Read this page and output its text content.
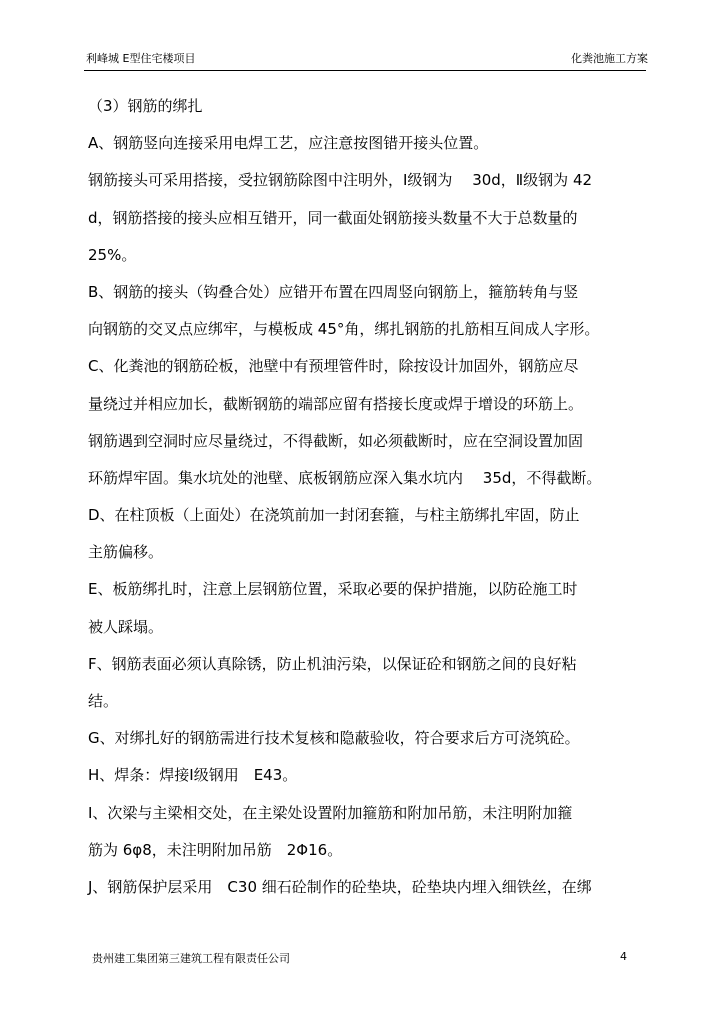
利峰城 E型住宅楼项目	化粪池施工方案
（3）钢筋的绑扎
A、钢筋竖向连接采用电焊工艺，应注意按图错开接头位置。
钢筋接头可采用搭接，受拉钢筋除图中注明外，Ⅰ级钢为　 30d，Ⅱ级钢为 42
d，钢筋搭接的接头应相互错开，同一截面处钢筋接头数量不大于总数量的
25%。
B、钢筋的接头（钩叠合处）应错开布置在四周竖向钢筋上，箍筋转角与竖
向钢筋的交叉点应绑牢，与模板成 45°角，绑扎钢筋的扎筋相互间成人字形。
C、化粪池的钢筋砼板，池壁中有预埋管件时，除按设计加固外，钢筋应尽
量绕过并相应加长，截断钢筋的端部应留有搭接长度或焊于增设的环筋上。
钢筋遇到空洞时应尽量绕过，不得截断，如必须截断时，应在空洞设置加固
环筋焊牢固。集水坑处的池壁、底板钢筋应深入集水坑内　 35d，不得截断。
D、在柱顶板（上面处）在浇筑前加一封闭套箍，与柱主筋绑扎牢固，防止
主筋偏移。
E、板筋绑扎时，注意上层钢筋位置，采取必要的保护措施，以防砼施工时
被人踩塌。
F、钢筋表面必须认真除锈，防止机油污染，以保证砼和钢筋之间的良好粘
结。
G、对绑扎好的钢筋需进行技术复核和隐蔽验收，符合要求后方可浇筑砼。
H、焊条：焊接Ⅰ级钢用　E43。
I、次梁与主梁相交处，在主梁处设置附加箍筋和附加吊筋，未注明附加箍
筋为 6φ8，未注明附加吊筋　2Φ16。
J、钢筋保护层采用　C30 细石砼制作的砼垫块，砼垫块内埋入细铁丝，在绑
贵州建工集团第三建筑工程有限责任公司	4
